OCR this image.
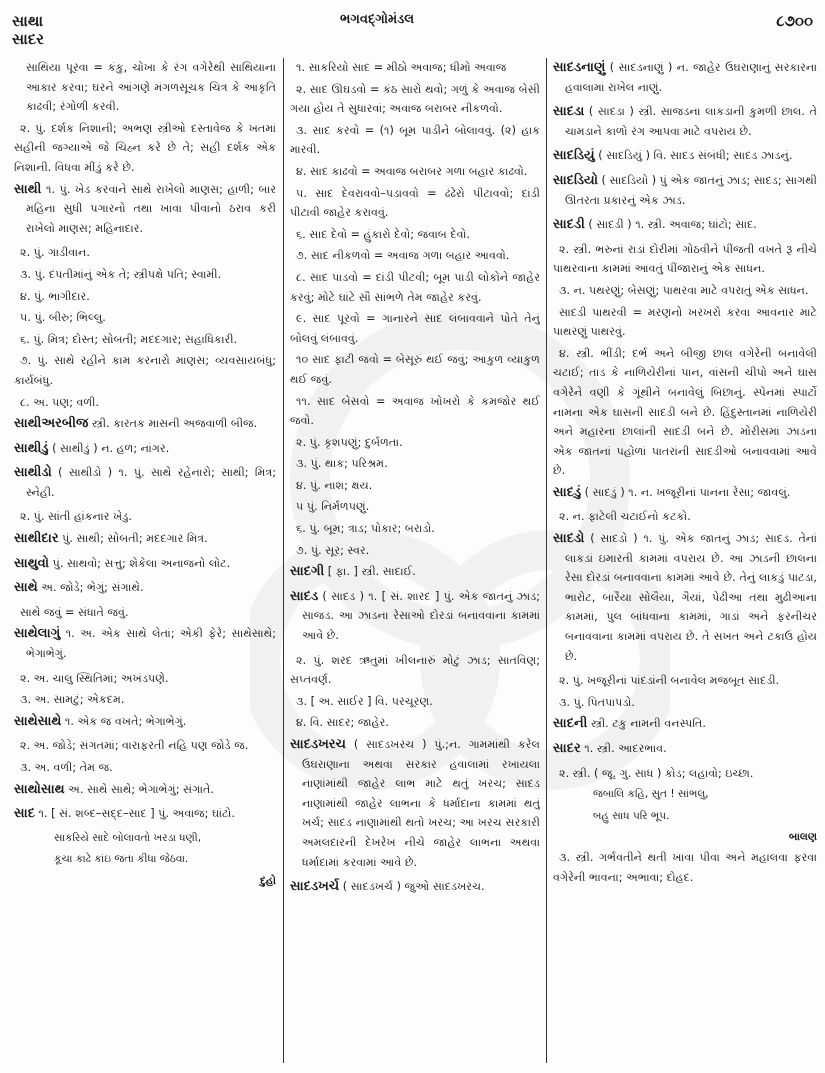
સાથા
સાદર
ભગવદ્ગોમંડલ	૮૭૦૦

સાથિયા પૂરવા = કંકુ, ચોખા કે રંગ વગેરેથી સાથિયાના આકાર કરવા; ઘરને આંગણે મંગળસૂચક ચિત્ર કે આકૃતિ કાઢવી; રંગોળી કરવી.

૨. પું. દર્શક નિશાની; અભણ સ્ત્રીઓ દસ્તાવેજ કે ખતમાં સહીની જગ્યાએ જે ચિહ્ન કરે છે તે; સહી દર્શક એક નિશાની. વિધવા મીંડું કરે છે.

સાથી ૧. પું. ખેડ કરવાને સાથે રાખેલો માણસ; હાળી; બાર મહિના સુધી પગારનો તથા ખાવા પીવાનો ઠરાવ કરી રાખેલો માણસ; મહિનાદાર.

૨. પું. ગાડીવાન.

૩. પું. દંપતીમાંનું એક તે; સ્ત્રીપક્ષે પતિ; સ્વામી.

૪. પું. ભાગીદાર.

૫. પું. બીરુ; ભિલ્લુ.

૬. પું. મિત્ર; દોસ્ત; સોબતી; મદદગાર; સહાધિકારી.

૭. પું. સાથે રહીને કામ કરનારો માણસ; વ્યવસાયબંધુ; કાર્યબંધુ.

૮. અ. પણ; વળી.

સાથીઅરબીજ સ્ત્રી. કારતક માસની અજવાળી બીજ.

સાથીડું ( સાથીડું ) ન. હળ; નાંગર.

સાથીડો ( સાથીડો ) ૧. પું. સાથે રહેનારો; સાથી; મિત્ર; સ્નેહી.

૨. પું. સાંતી હાંકનાર ખેડુ.

સાથીદાર પું. સાથી; સોબતી; મદદગાર મિત્ર.

સાથુવો પું. સાથવો; સત્તુ; શેકેલા અનાજનો લોટ.

સાથે અ. જોડે; ભેગું; સંગાથે.

સાથે જવું = સંધાતે જવું.

સાથેલાગું ૧. અ. એક સાથે લેતાં; એકી ફેરે; સાથેસાથે; ભેગાભેગું.

૨. અ. ચાલુ સ્થિતિમાં; અખંડપણે.

૩. અ. સામટું; એકદમ.

સાથેસાથે ૧. એક જ વખતે; ભેગાભેગું.

૨. અ. જોડે; સંગતમાં; વારાફરતી નહિ પણ જોડે જ.

૩. અ. વળી; તેમ જ.

સાથોસાથ અ. સાથે સાથે; ભેગાભેગું; સંગાતે.

સાદ ૧. [ સં. શબ્દ–સદ્દ–સાદ ] પું. અવાજ; ઘાંટો.

સાકરિયે સાદે બોલાવતો ખરડા ધણી,
કૂચા કાઢે કાંઇ જતા કીધા જેઠવા.
દુહો

૧. સાકરિયો સાદ = મીઠો અવાજ; ધીમો અવાજ

૨. સાદ ઊઘડવો = કંઠ સારો થવો; ગળું કે અવાજ બેસી ગયા હોય તે સુધારવાં; અવાજ બરાબર નીકળવો.

૩. સાદ કરવો = (૧) બૂમ પાડીને બોલાવવું. (૨) હાક મારવી.

૪. સાદ કાઢવો = અવાજ બરાબર ગળા બહાર કાઢવો.

૫. સાદ દેવરાવવો–પડાવવો = ઢંઢેરો પીટાવવો; દાંડી પીટાવી જાહેર કરાવવું.

૬. સાદ દેવો = હુંકારો દેવો; જવાબ દેવો.

૭. સાદ નીકળવો = અવાજ ગળા બહાર આવવો.

૮. સાદ પાડવો = દાંડી પીટવી; બૂમ પાડી લોકોને જાહેર કરવું; મોટે ઘાંટે સૌ સાંભળે તેમ જાહેર કરવું.

૯. સાદ પૂરવો = ગાનારને સાદ લંબાવવાને પોતે તેનું બોલવું લંબાવવું.

૧૦ સાદ ફાટી જવો = બેસૂરું થઈ જવું; આકુળ વ્યાકુળ થઈ જવું.

૧૧. સાદ બેસવો = અવાજ ખોખરો કે કમજોર થઈ જવો.

૨. પું. કૃશપણું; દુર્બળતા.

૩. પું. થાક; પરિશ્રમ.

૪. પું. નાશ; ક્ષય.

૫ પું. નિર્મળપણું.

૬. પું. બૂમ; ત્રાડ; પોકાર; બરાડો.

૭. પું. સૂર; સ્વર.

સાદગી [ ફા. ] સ્ત્રી. સાદાઈ.

સાદડ ( સાદડ ) ૧. [ સં. શારદ ] પું. એક જાતનું ઝાડ; સાજડ. આ ઝાડના રેસાઓ દોરડાં બનાવવાના કામમાં આવે છે.

૨. પું. શરદ ઋતુમાં ખીલનારું મોટું ઝાડ; સાતવિણ; સપ્તવર્ણ.

૩. [ અ. સાઈર ] વિ. પરચૂરણ.

૪. વિ. સાદર; જાહેર.

સાદડખરચ ( સાદડખરચ ) પું.;ન. ગામમાંથી કરેલ ઉઘરાણાના અથવા સરકાર હવાલામાં રખાયલા નાણાંમાંથી જાહેર લાભ માટે થતું ખરચ; સાદડ નાણામાંથી જાહેર લાભના કે ધર્માદાના કામમાં થતું ખર્ચ; સાદડ નાણામાંથી થતો ખરચ; આ ખરચ સરકારી અમલદારની દેખરેખ નીચે જાહેર લાભના અથવા ધર્માદામાં કરવામાં આવે છે.

સાદડખર્ચ ( સાદડખર્ચ ) જુઓ સાદડખરચ.

સાદડનાણું ( સાદડનાણું ) ન. જાહેર ઉઘરાણાનું સરકારના હવાલામાં રાખેલ નાણું.

સાદડા ( સાદડા ) સ્ત્રી. સાજડના લાકડાની કુમળી છાલ. તે ચામડાને કાળો રંગ આપવા માટે વપરાય છે.

સાદડિયું ( સાદડિયું ) વિ. સાદડ સંબંધી; સાદડ ઝાડનું.

સાદડિયો ( સાદડિયો ) પું એક જાતનું ઝાડ; સાદડ; સાગથી ઊતરતા પ્રકારનું એક ઝાડ.

સાદડી ( સાદડી ) ૧. સ્ત્રી. અવાજ; ઘાંટો; સાદ.

૨. સ્ત્રી. ભરુનાં રાડાં દોરીમાં ગોઠવીને પીંજતી વખતે રૂ નીચે પાથરવાના કામમાં આવતું પીંજારાનું એક સાધન.

૩. ન. પથરણું; બેસણું; પાથરવા માટે વપરાતું એક સાધન.

સાદડી પાથરવી = મરણનો ખરખરો કરવા આવનાર માટે પાથરણું પાથરવું.

૪. સ્ત્રી. ભીંડી; દર્ભ અને બીજી છાલ વગેરેની બનાવેલી ચટાઈ; તાડ કે નાળિયેરીનાં પાન, વાંસની ચીપો અને ઘાસ વગેરેને વણી કે ગૂંથીને બનાવેલું બિછાનું. સ્પેનમાં સ્પાર્ટો નામના એક ઘાસની સાદડી બને છે. હિંદુસ્તાનમાં નાળિયેરી અને મહારના છાલાંની સાદડી બને છે. મોરીસમાં ઝાડના એક જાતનાં પહોળાં પાતરાંની સાદડીઓ બનાવવામાં આવે છે.

સાદડું ( સાદડું ) ૧. ન. ખજૂરીનાં પાનના રેસા; જાવલું.

૨. ન. ફાટેલી ચટાઈનો કટકો.

સાદડો ( સાદડો ) ૧. પું. એક જાતનું ઝાડ; સાદડ. તેનાં લાકડાં ઇમારતી કામમાં વપરાય છે. આ ઝાડની છાલના રેસા દોરડાં બનાવવાના કામમાં આવે છે. તેનું લાકડું પાટડા, ભારોટ, બારૈયા સોલૈયા, ગૈયાં, પેઢીઆ તથા મુઢીઆના કામમાં, પુલ બાંધવાના કામમાં, ગાડાં અને ફરનીચર બનાવવાના કામમાં વપરાય છે. તે સખત અને ટકાઉ હોય છે.

૨. પું. ખજૂરીનાં પાંદડાંની બનાવેલ મજબૂત સાદડી.

૩. પું. પિતપાપડો.

સાદની સ્ત્રી. ટકુ નામની વનસ્પતિ.

સાદર ૧. સ્ત્રી. આદરભાવ.

૨. સ્ત્રી. ( જૂ. ગુ. સાધ ) કોડ; લહાવો; ઇચ્છા.

જબાલિ કહિ, સુત ! સાંભલુ,
બહુ સાધ પરિ ભૂપ.
બાલણ

૩. સ્ત્રી. ગર્ભવતીને થતી ખાવા પીવા અને મહાલવા ફરવા વગેરેની ભાવના; અભાવા; દોહદ.
